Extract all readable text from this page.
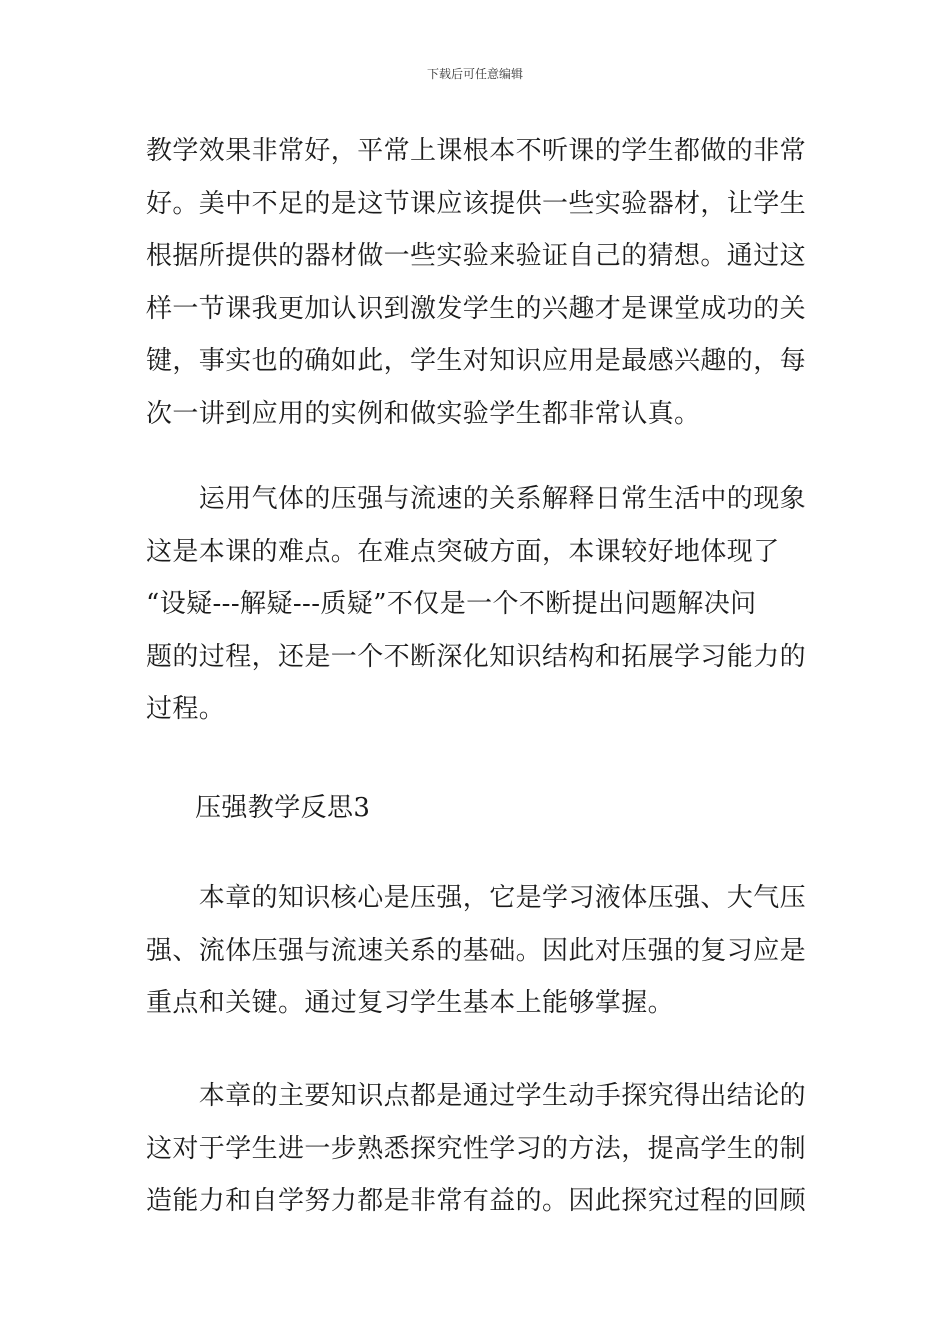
下载后可任意编辑

教学效果非常好，平常上课根本不听课的学生都做的非常
好。美中不足的是这节课应该提供一些实验器材，让学生
根据所提供的器材做一些实验来验证自己的猜想。通过这
样一节课我更加认识到激发学生的兴趣才是课堂成功的关
键，事实也的确如此，学生对知识应用是最感兴趣的，每
次一讲到应用的实例和做实验学生都非常认真。

　　运用气体的压强与流速的关系解释日常生活中的现象
这是本课的难点。在难点突破方面，本课较好地体现了
“设疑---解疑---质疑”不仅是一个不断提出问题解决问
题的过程，还是一个不断深化知识结构和拓展学习能力的
过程。

压强教学反思3

　　本章的知识核心是压强，它是学习液体压强、大气压
强、流体压强与流速关系的基础。因此对压强的复习应是
重点和关键。通过复习学生基本上能够掌握。

　　本章的主要知识点都是通过学生动手探究得出结论的
这对于学生进一步熟悉探究性学习的方法，提高学生的制
造能力和自学努力都是非常有益的。因此探究过程的回顾
